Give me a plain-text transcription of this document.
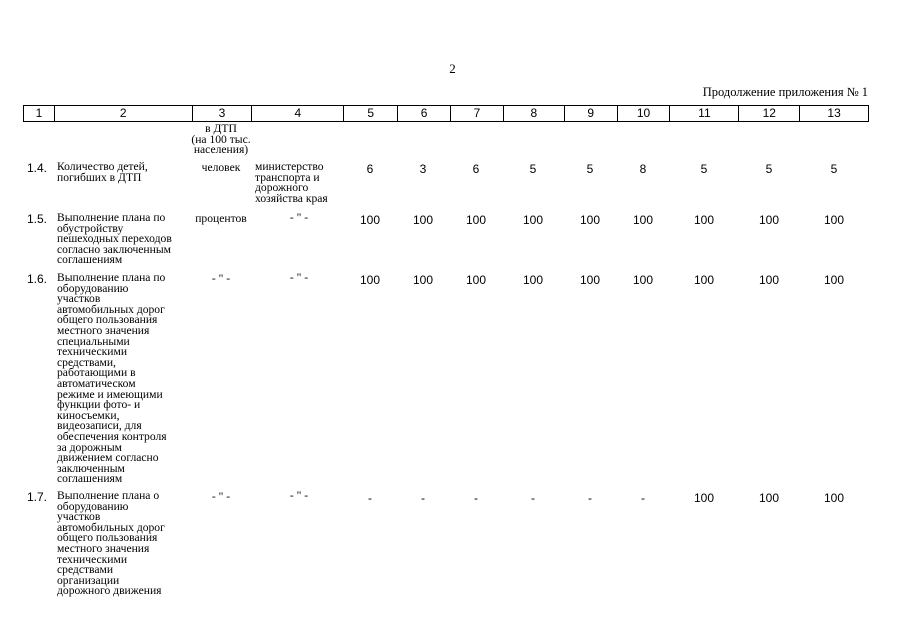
2
Продолжение приложения № 1
1	2	3	4	5	6	7	8	9	10	11	12	13
в ДТП
(на 100 тыс.
населения)
1.4. Количество детей,
погибших в ДТП
человек	министерство
транспорта и
дорожного
хозяйства края
6	3	6	5	5	8	5	5	5
1.5. Выполнение плана по
обустройству
пешеходных переходов
согласно заключенным
соглашениям
процентов	- " -	100	100	100	100	100	100	100	100	100
1.6. Выполнение плана по
оборудованию
участков
автомобильных дорог
общего пользования
местного значения
специальными
техническими
средствами,
работающими в
автоматическом
режиме и имеющими
функции фото- и
киносъемки,
видеозаписи, для
обеспечения контроля
за дорожным
движением согласно
заключенным
соглашениям
- " -	- " -	100	100	100	100	100	100	100	100	100
1.7. Выполнение плана о
оборудованию
участков
автомобильных дорог
общего пользования
местного значения
техническими
средствами
организации
дорожного движения
- " -	- " -	-	-	-	-	-	-	100	100	100
